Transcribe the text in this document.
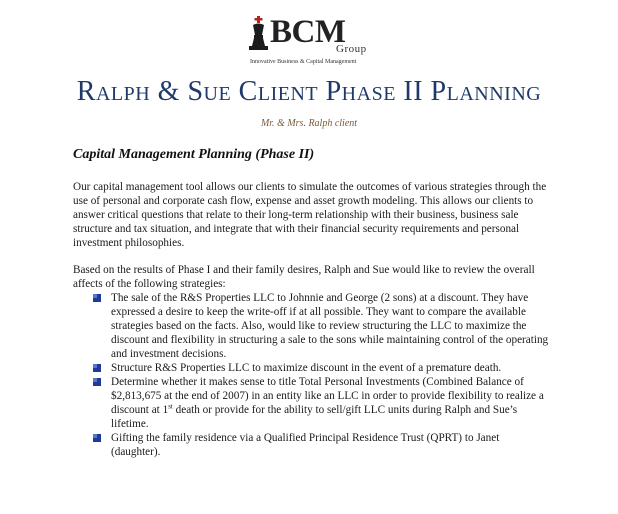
BCM
Group
Innovative Business & Capital Management
Ralph & Sue Client Phase II Planning
Mr. & Mrs. Ralph client
Capital Management Planning (Phase II)
Our capital management tool allows our clients to simulate the outcomes of various strategies through the use of personal and corporate cash flow, expense and asset growth modeling. This allows our clients to answer critical questions that relate to their long-term relationship with their business, business sale structure and tax situation, and integrate that with their financial security requirements and personal investment philosophies.
Based on the results of Phase I and their family desires, Ralph and Sue would like to review the overall affects of the following strategies:
The sale of the R&S Properties LLC to Johnnie and George (2 sons) at a discount. They have expressed a desire to keep the write-off if at all possible. They want to compare the available strategies based on the facts. Also, would like to review structuring the LLC to maximize the discount and flexibility in structuring a sale to the sons while maintaining control of the operating and investment decisions.
Structure R&S Properties LLC to maximize discount in the event of a premature death.
Determine whether it makes sense to title Total Personal Investments (Combined Balance of $2,813,675 at the end of 2007) in an entity like an LLC in order to provide flexibility to realize a discount at 1st death or provide for the ability to sell/gift LLC units during Ralph and Sue’s lifetime.
Gifting the family residence via a Qualified Principal Residence Trust (QPRT) to Janet (daughter).
